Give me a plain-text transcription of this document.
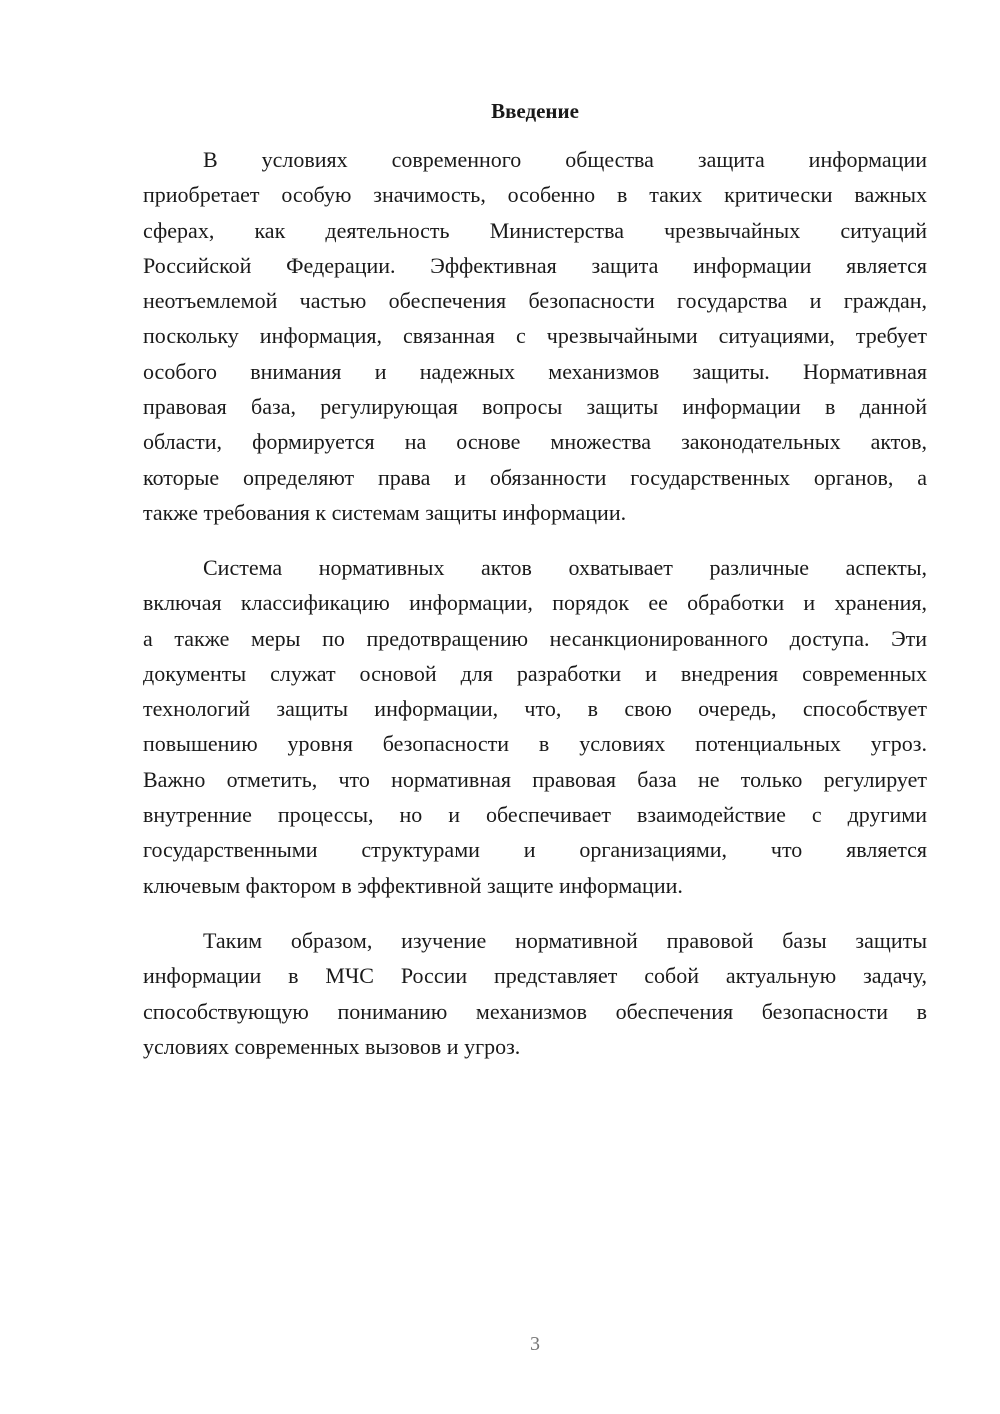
Введение
В условиях современного общества защита информации
приобретает особую значимость, особенно в таких критически важных
сферах, как деятельность Министерства чрезвычайных ситуаций
Российской Федерации. Эффективная защита информации является
неотъемлемой частью обеспечения безопасности государства и граждан,
поскольку информация, связанная с чрезвычайными ситуациями, требует
особого внимания и надежных механизмов защиты. Нормативная
правовая база, регулирующая вопросы защиты информации в данной
области, формируется на основе множества законодательных актов,
которые определяют права и обязанности государственных органов, а
также требования к системам защиты информации.
Система нормативных актов охватывает различные аспекты,
включая классификацию информации, порядок ее обработки и хранения,
а также меры по предотвращению несанкционированного доступа. Эти
документы служат основой для разработки и внедрения современных
технологий защиты информации, что, в свою очередь, способствует
повышению уровня безопасности в условиях потенциальных угроз.
Важно отметить, что нормативная правовая база не только регулирует
внутренние процессы, но и обеспечивает взаимодействие с другими
государственными структурами и организациями, что является
ключевым фактором в эффективной защите информации.
Таким образом, изучение нормативной правовой базы защиты
информации в МЧС России представляет собой актуальную задачу,
способствующую пониманию механизмов обеспечения безопасности в
условиях современных вызовов и угроз.
3
